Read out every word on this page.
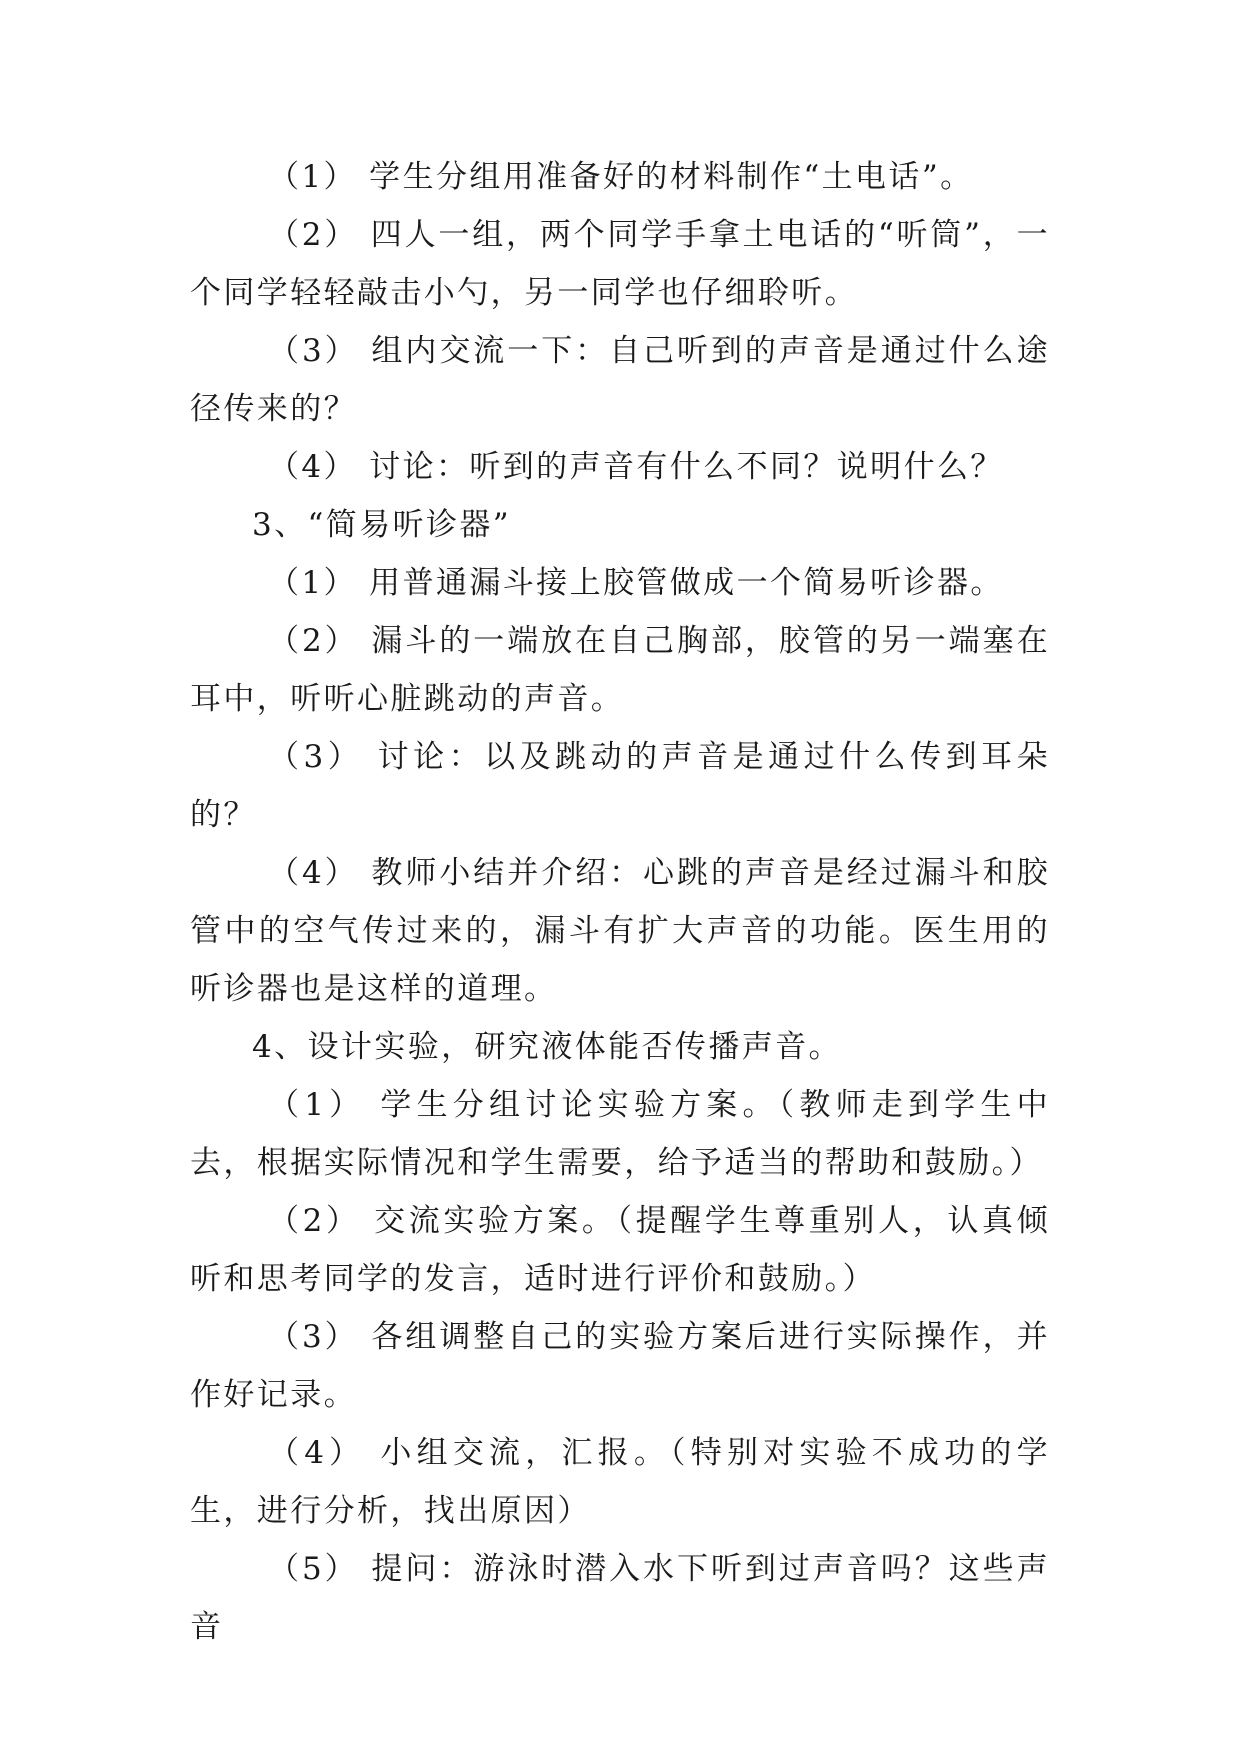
（1） 学生分组用准备好的材料制作“土电话”。

（2） 四人一组，两个同学手拿土电话的“听筒”，一个同学轻轻敲击小勺，另一同学也仔细聆听。

（3） 组内交流一下：自己听到的声音是通过什么途径传来的？

（4） 讨论：听到的声音有什么不同？说明什么？

3、“简易听诊器”

（1） 用普通漏斗接上胶管做成一个简易听诊器。

（2） 漏斗的一端放在自己胸部，胶管的另一端塞在耳中，听听心脏跳动的声音。

（3） 讨论：以及跳动的声音是通过什么传到耳朵的？

（4） 教师小结并介绍：心跳的声音是经过漏斗和胶管中的空气传过来的，漏斗有扩大声音的功能。医生用的听诊器也是这样的道理。

4、设计实验，研究液体能否传播声音。

（1） 学生分组讨论实验方案。（教师走到学生中去，根据实际情况和学生需要，给予适当的帮助和鼓励。）

（2） 交流实验方案。（提醒学生尊重别人，认真倾听和思考同学的发言，适时进行评价和鼓励。）

（3） 各组调整自己的实验方案后进行实际操作，并作好记录。

（4） 小组交流，汇报。（特别对实验不成功的学生，进行分析，找出原因）

（5） 提问：游泳时潜入水下听到过声音吗？这些声音
